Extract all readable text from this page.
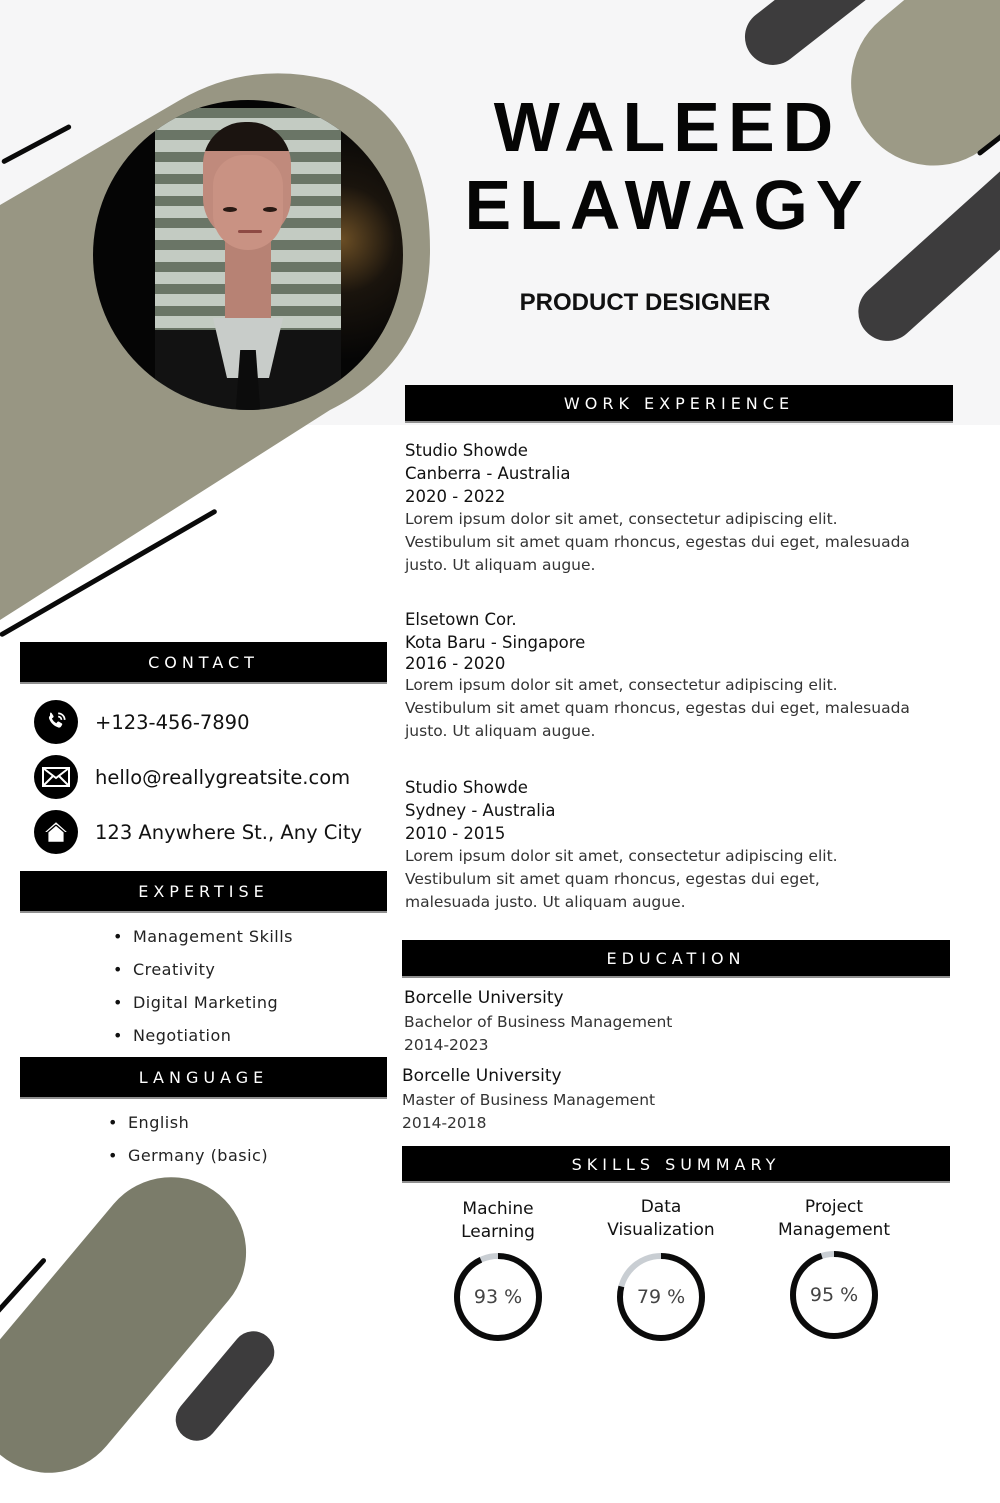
WALEED
ELAWAGY
PRODUCT DESIGNER
WORK EXPERIENCE
Studio Showde
Canberra - Australia
2020 - 2022
Lorem ipsum dolor sit amet, consectetur adipiscing elit.
Vestibulum sit amet quam rhoncus, egestas dui eget, malesuada
justo. Ut aliquam augue.
Elsetown Cor.
Kota Baru - Singapore
2016 - 2020
Lorem ipsum dolor sit amet, consectetur adipiscing elit.
Vestibulum sit amet quam rhoncus, egestas dui eget, malesuada
justo. Ut aliquam augue.
Studio Showde
Sydney - Australia
2010 - 2015
Lorem ipsum dolor sit amet, consectetur adipiscing elit.
Vestibulum sit amet quam rhoncus, egestas dui eget,
malesuada justo. Ut aliquam augue.
CONTACT
+123-456-7890
hello@reallygreatsite.com
123 Anywhere St., Any City
EXPERTISE
• Management Skills
• Creativity
• Digital Marketing
• Negotiation
LANGUAGE
• English
• Germany (basic)
EDUCATION
Borcelle University
Bachelor of Business Management
2014-2023
Borcelle University
Master of Business Management
2014-2018
SKILLS SUMMARY
Machine
Learning
93 %
Data
Visualization
79 %
Project
Management
95 %
